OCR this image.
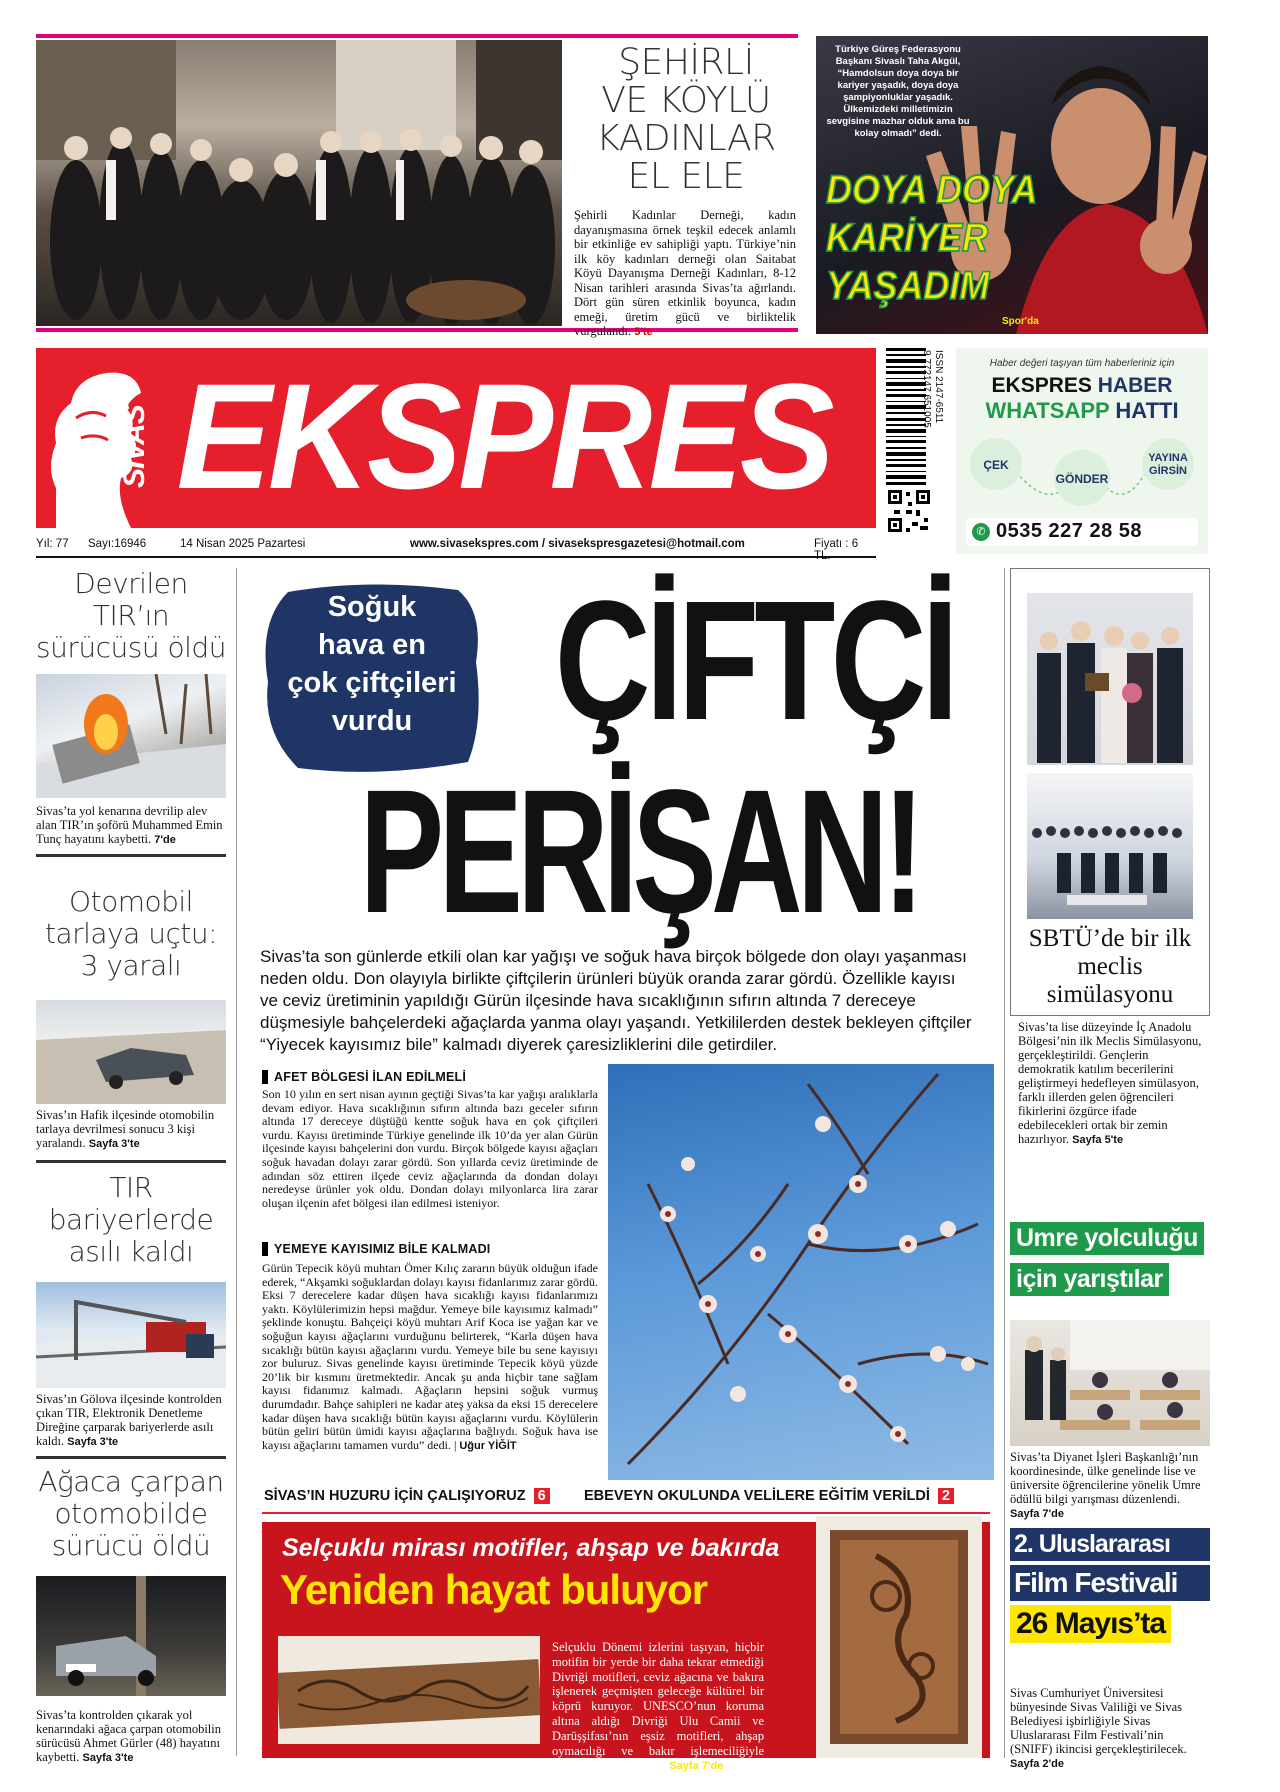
ŞEHİRLİ
VE KÖYLÜ
KADINLAR
EL ELE
Şehirli Kadınlar Derneği, kadın dayanışmasına örnek teşkil edecek anlamlı bir etkinliğe ev sahipliği yaptı. Türkiye’nin ilk köy kadınları derneği olan Saitabat Köyü Dayanışma Derneği Kadınları, 8-12 Nisan tarihleri arasında Sivas’ta ağırlandı. Dört gün süren etkinlik boyunca, kadın emeği, üretim gücü ve birliktelik vurgulandı. 5'te
Türkiye Güreş Federasyonu Başkanı Sivaslı Taha Akgül, “Hamdolsun doya doya bir kariyer yaşadık, doya doya şampiyonluklar yaşadık. Ülkemizdeki milletimizin sevgisine mazhar olduk ama bu kolay olmadı” dedi.
DOYA DOYA
KARİYER
YAŞADIM
Spor'da
SİVAS EKSPRES	ISSN 2147-6511
9 772147 651005	Haber değeri taşıyan tüm haberleriniz için
EKSPRES HABER
WHATSAPP HATTI
ÇEK
GÖNDER
YAYINA GİRSİN
✆ 0535 227 28 58
Yıl: 77 Sayı:16946	14 Nisan 2025 Pazartesi	www.sivasekspres.com / sivasekspresgazetesi@hotmail.com	Fiyatı : 6
Devrilen TIR’ın sürücüsü öldü
Sivas’ta yol kenarına devrilip alev alan TIR’ın şoförü Muhammed Emin Tunç hayatını kaybetti. 7'de
Otomobil tarlaya uçtu: 3 yaralı
Sivas’ın Hafik ilçesinde otomobilin tarlaya devrilmesi sonucu 3 kişi yaralandı. Sayfa 3'te
TIR bariyerlerde asılı kaldı
Sivas’ın Gölova ilçesinde kontrolden çıkan TIR, Elektronik Denetleme Direğine çarparak bariyerlerde asılı kaldı. Sayfa 3'te
Ağaca çarpan otomobilde sürücü öldü
Sivas’ta kontrolden çıkarak yol kenarındaki ağaca çarpan otomobilin sürücüsü Ahmet Gürler (48) hayatını kaybetti. Sayfa 3'te
Soğuk
hava en
çok çiftçileri
vurdu ÇİFTÇİ
PERİŞAN!
Sivas’ta son günlerde etkili olan kar yağışı ve soğuk hava birçok bölgede don olayı yaşanması neden oldu. Don olayıyla birlikte çiftçilerin ürünleri büyük oranda zarar gördü. Özellikle kayısı ve ceviz üretiminin yapıldığı Gürün ilçesinde hava sıcaklığının sıfırın altında 7 dereceye düşmesiyle bahçelerdeki ağaçlarda yanma olayı yaşandı. Yetkililerden destek bekleyen çiftçiler “Yiyecek kayısımız bile” kalmadı diyerek çaresizliklerini dile getirdiler.
AFET BÖLGESİ İLAN EDİLMELİ
Son 10 yılın en sert nisan ayının geçtiği Sivas’ta kar yağışı aralıklarla devam ediyor. Hava sıcaklığının sıfırın altında bazı geceler sıfırın altında 17 dereceye düştüğü kentte soğuk hava en çok çiftçileri vurdu. Kayısı üretiminde Türkiye genelinde ilk 10’da yer alan Gürün ilçesinde kayısı bahçelerini don vurdu. Birçok bölgede kayısı ağaçları soğuk havadan dolayı zarar gördü. Son yıllarda ceviz üretiminde de adından söz ettiren ilçede ceviz ağaçlarında da dondan dolayı neredeyse ürünler yok oldu. Dondan dolayı milyonlarca lira zarar oluşan ilçenin afet bölgesi ilan edilmesi isteniyor.
YEMEYE KAYISIMIZ BİLE KALMADI
Gürün Tepecik köyü muhtarı Ömer Kılıç zararın büyük olduğun ifade ederek, “Akşamki soğuklardan dolayı kayısı fidanlarımız zarar gördü. Eksi 7 derecelere kadar düşen hava sıcaklığı kayısı fidanlarımızı yaktı. Köylülerimizin hepsi mağdur. Yemeye bile kayısımız kalmadı” şeklinde konuştu. Bahçeiçi köyü muhtarı Arif Koca ise yağan kar ve soğuğun kayısı ağaçlarını vurduğunu belirterek, “Karla düşen hava sıcaklığı bütün kayısı ağaçlarını vurdu. Yemeye bile bu sene kayısıyı zor buluruz. Sivas genelinde kayısı üretiminde Tepecik köyü yüzde 20’lik bir kısmını üretmektedir. Ancak şu anda hiçbir tane sağlam kayısı fidanımız kalmadı. Ağaçların hepsini soğuk vurmuş durumdadır. Bahçe sahipleri ne kadar ateş yaksa da eksi 15 derecelere kadar düşen hava sıcaklığı bütün kayısı ağaçlarını vurdu. Köylülerin bütün geliri bütün ümidi kayısı ağaçlarına bağlıydı. Soğuk hava ise kayısı ağaçlarını tamamen vurdu” dedi. | Uğur YİĞİT
SİVAS’IN HUZURU İÇİN ÇALIŞIYORUZ 6	EBEVEYN OKULUNDA VELİLERE EĞİTİM VERİLDİ 2
Selçuklu mirası motifler, ahşap ve bakırda
Yeniden hayat buluyor
Selçuklu Dönemi izlerini taşıyan, hiçbir motifin bir yerde bir daha tekrar etmediği Divriği motifleri, ceviz ağacına ve bakıra işlenerek geçmişten geleceğe kültürel bir köprü kuruyor. UNESCO’nun koruma altına aldığı Divriği Ulu Camii ve Darüşşifası’nın eşsiz motifleri, ahşap oymacılığı ve bakır işlemeciliğiyle yeniden hayat buluyor. Sayfa 7'de
SBTÜ’de bir ilk meclis simülasyonu
Sivas’ta lise düzeyinde İç Anadolu Bölgesi’nin ilk Meclis Simülasyonu, gerçekleştirildi. Gençlerin demokratik katılım becerilerini geliştirmeyi hedefleyen simülasyon, farklı illerden gelen öğrencileri fikirlerini özgürce ifade edebilecekleri ortak bir zemin hazırlıyor. Sayfa 5'te
Umre yolculuğu için yarıştılar
Sivas’ta Diyanet İşleri Başkanlığı’nın koordinesinde, ülke genelinde lise ve üniversite öğrencilerine yönelik Umre ödüllü bilgi yarışması düzenlendi. Sayfa 7'de
2. Uluslararası
Film Festivali
26 Mayıs’ta
Sivas Cumhuriyet Üniversitesi bünyesinde Sivas Valiliği ve Sivas Belediyesi işbirliğiyle Sivas Uluslararası Film Festivali’nin (SNIFF) ikincisi gerçekleştirilecek. Sayfa 2'de
